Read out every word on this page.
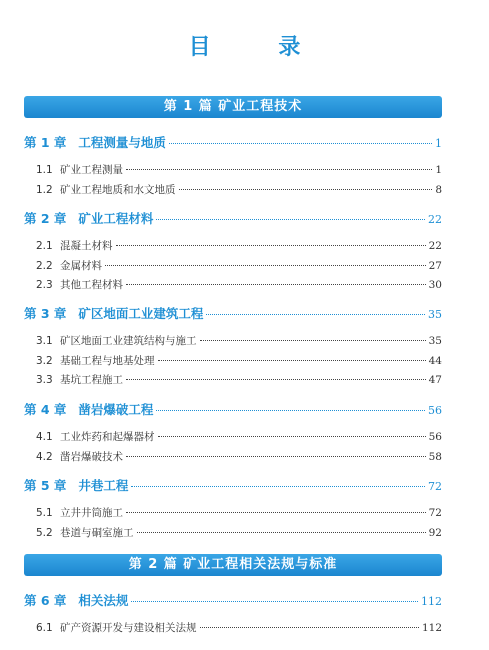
目 录
第 1 篇 矿业工程技术
第 1 章 工程测量与地质	1
1.1 矿业工程测量	1
1.2 矿业工程地质和水文地质	8
第 2 章 矿业工程材料	22
2.1 混凝土材料	22
2.2 金属材料	27
2.3 其他工程材料	30
第 3 章 矿区地面工业建筑工程	35
3.1 矿区地面工业建筑结构与施工	35
3.2 基础工程与地基处理	44
3.3 基坑工程施工	47
第 4 章 凿岩爆破工程	56
4.1 工业炸药和起爆器材	56
4.2 凿岩爆破技术	58
第 5 章 井巷工程	72
5.1 立井井筒施工	72
5.2 巷道与硐室施工	92
第 2 篇 矿业工程相关法规与标准
第 6 章 相关法规	112
6.1 矿产资源开发与建设相关法规	112
